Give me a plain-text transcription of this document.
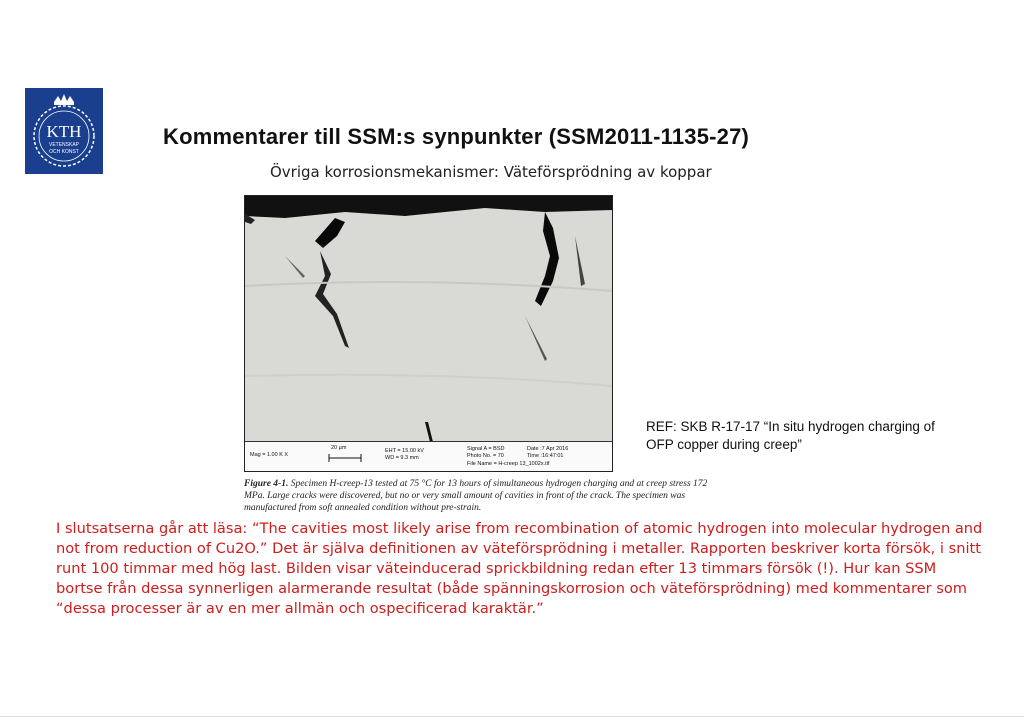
KTH
VETENSKAP
OCH KONST
Kommentarer till SSM:s synpunkter (SSM2011-1135-27)
Övriga korrosionsmekanismer: Väteförsprödning av koppar
Mag = 1.00 K X
20 µm	EHT = 15.00 kV
WD = 9.3 mm
Signal A = BSD
Photo No. = 70
Date :7 Apr 2016
Time :16:47:01
File Name = H-creep 13_1002x.tif
REF: SKB R-17-17 “In situ hydrogen charging of OFP copper during creep”
Figure 4-1. Specimen H-creep-13 tested at 75 °C for 13 hours of simultaneous hydrogen charging and at creep stress 172 MPa. Large cracks were discovered, but no or very small amount of cavities in front of the crack. The specimen was manufactured from soft annealed condition without pre-strain.
I slutsatserna går att läsa: “The cavities most likely arise from recombination of atomic hydrogen into molecular hydrogen and not from reduction of Cu2O.” Det är själva definitionen av väteförsprödning i metaller. Rapporten beskriver korta försök, i snitt runt 100 timmar med hög last. Bilden visar väteinducerad sprickbildning redan efter 13 timmars försök (!). Hur kan SSM bortse från dessa synnerligen alarmerande resultat (både spänningskorrosion och väteförsprödning) med kommentarer som “dessa processer är av en mer allmän och ospecificerad karaktär.”
